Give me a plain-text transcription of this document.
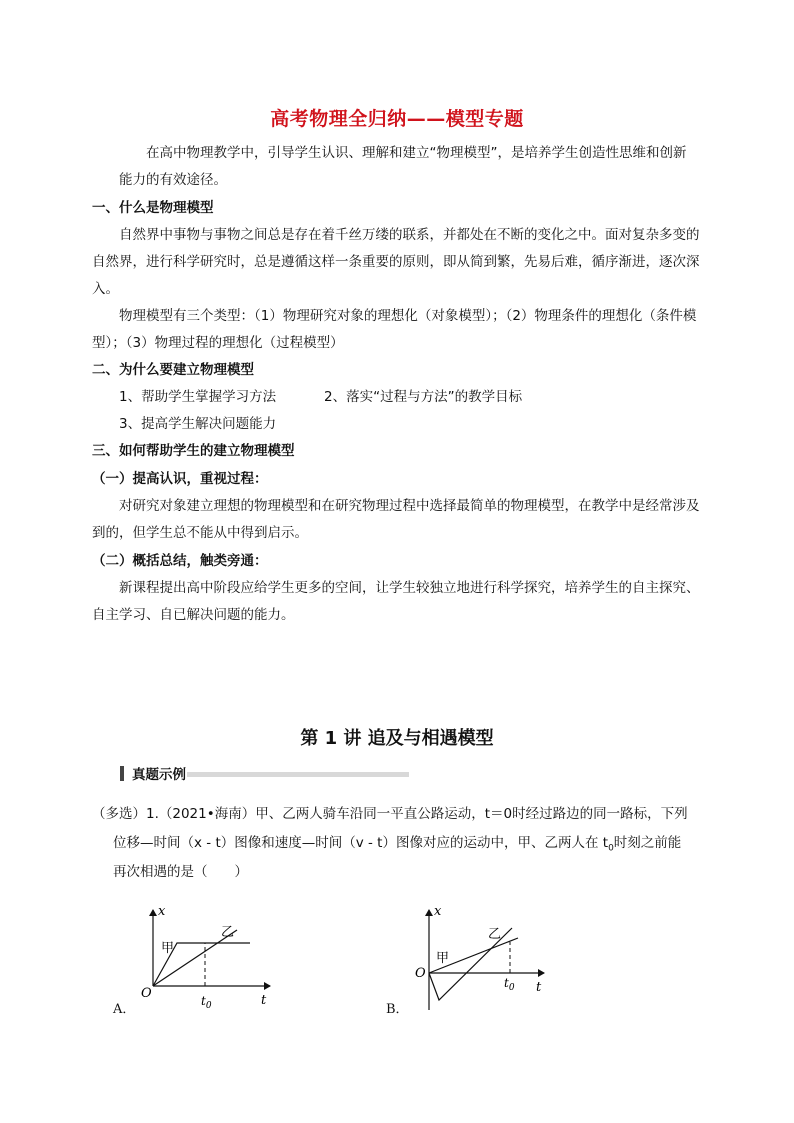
高考物理全归纳——模型专题
在高中物理教学中，引导学生认识、理解和建立“物理模型”，是培养学生创造性思维和创新能力的有效途径。
一、什么是物理模型
自然界中事物与事物之间总是存在着千丝万缕的联系，并都处在不断的变化之中。面对复杂多变的自然界，进行科学研究时，总是遵循这样一条重要的原则，即从简到繁，先易后难，循序渐进，逐次深入。
物理模型有三个类型：（1）物理研究对象的理想化（对象模型）；（2）物理条件的理想化（条件模型）；（3）物理过程的理想化（过程模型）
二、为什么要建立物理模型
1、帮助学生掌握学习方法	2、落实“过程与方法”的教学目标
3、提高学生解决问题能力
三、如何帮助学生的建立物理模型
（一）提高认识，重视过程：
对研究对象建立理想的物理模型和在研究物理过程中选择最简单的物理模型，在教学中是经常涉及到的，但学生总不能从中得到启示。
（二）概括总结，触类旁通：
新课程提出高中阶段应给学生更多的空间，让学生较独立地进行科学探究，培养学生的自主探究、自主学习、自已解决问题的能力。
第 1 讲 追及与相遇模型
真题示例
（多选）1.（2021•海南）甲、乙两人骑车沿同一平直公路运动，t＝0时经过路边的同一路标，下列
位移—时间（x - t）图像和速度—时间（v - t）图像对应的运动中，甲、乙两人在 $t_0$时刻之前能
再次相遇的是（　　）
x
O	t
$t_0$
甲
乙
A．
x
O
t
$t_0$
甲
乙
B．
